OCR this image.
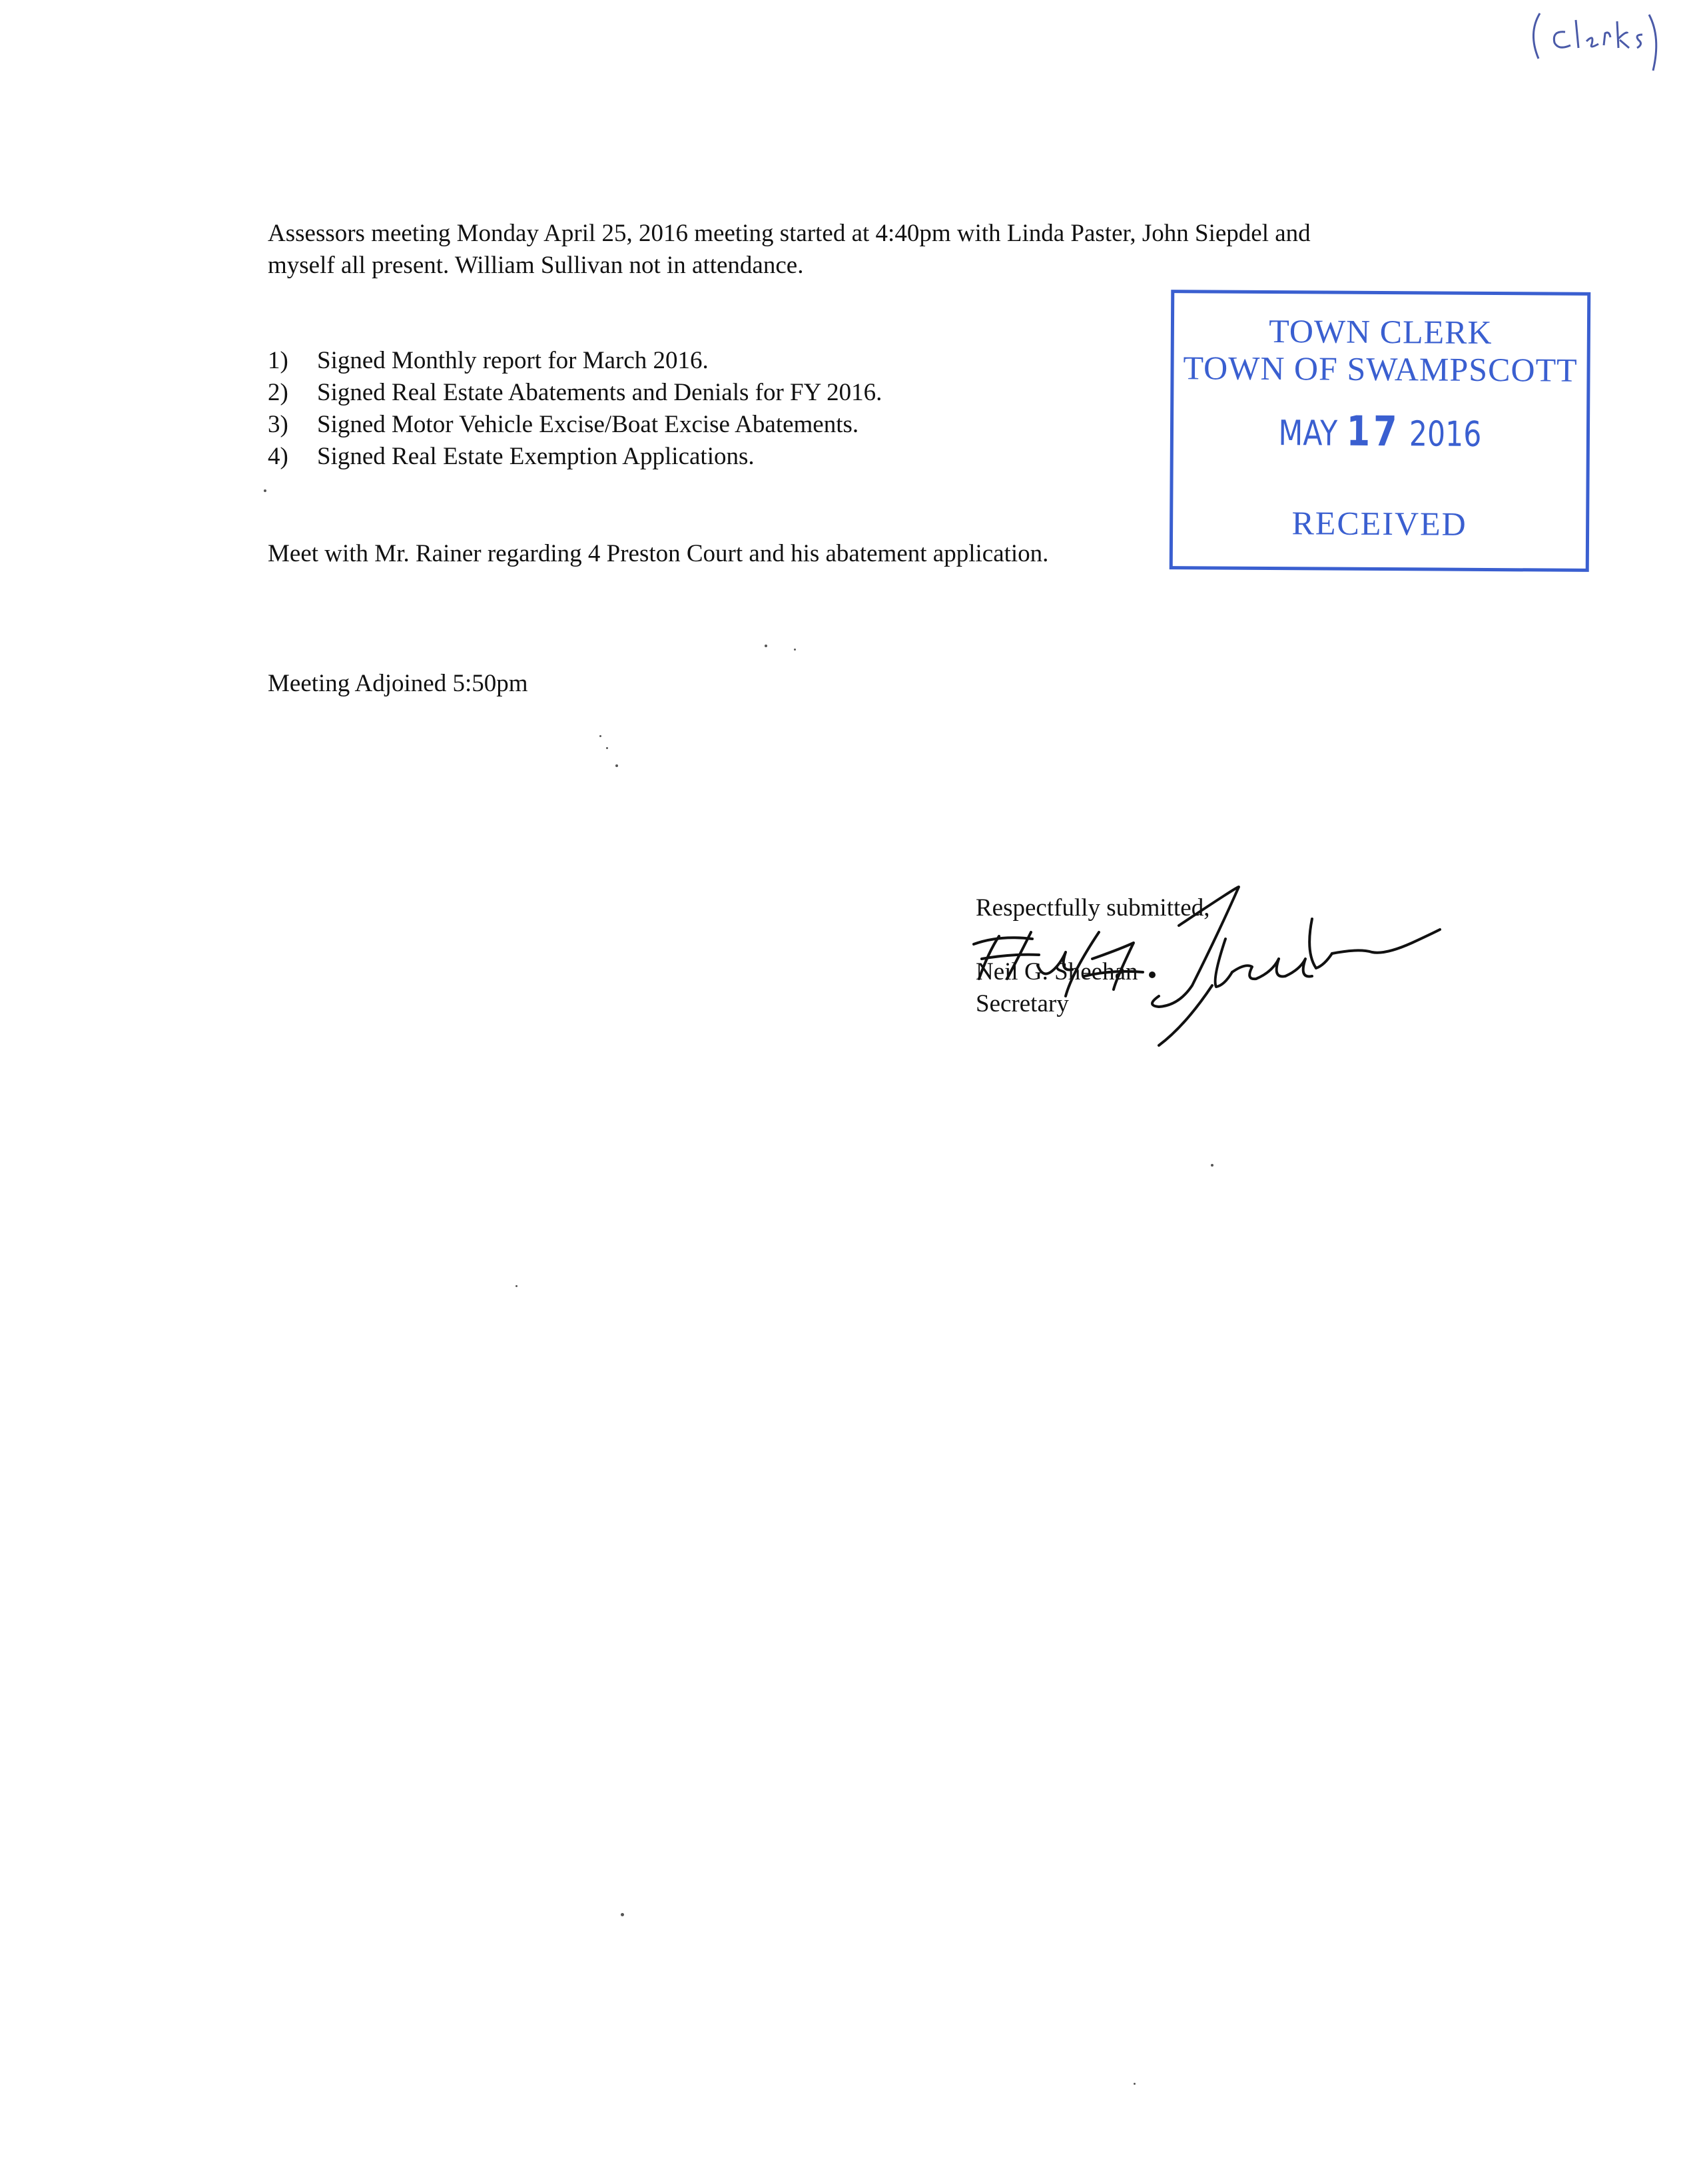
Assessors meeting Monday April 25, 2016 meeting started at 4:40pm with Linda Paster, John Siepdel and
myself all present. William Sullivan not in attendance.
1) Signed Monthly report for March 2016.
2) Signed Real Estate Abatements and Denials for FY 2016.
3) Signed Motor Vehicle Excise/Boat Excise Abatements.
4) Signed Real Estate Exemption Applications.
Meet with Mr. Rainer regarding 4 Preston Court and his abatement application.
Meeting Adjoined 5:50pm
TOWN CLERK
TOWN OF SWAMPSCOTT
MAY 17 2016
RECEIVED
Respectfully submitted,
Neil G. Sheehan
Secretary
